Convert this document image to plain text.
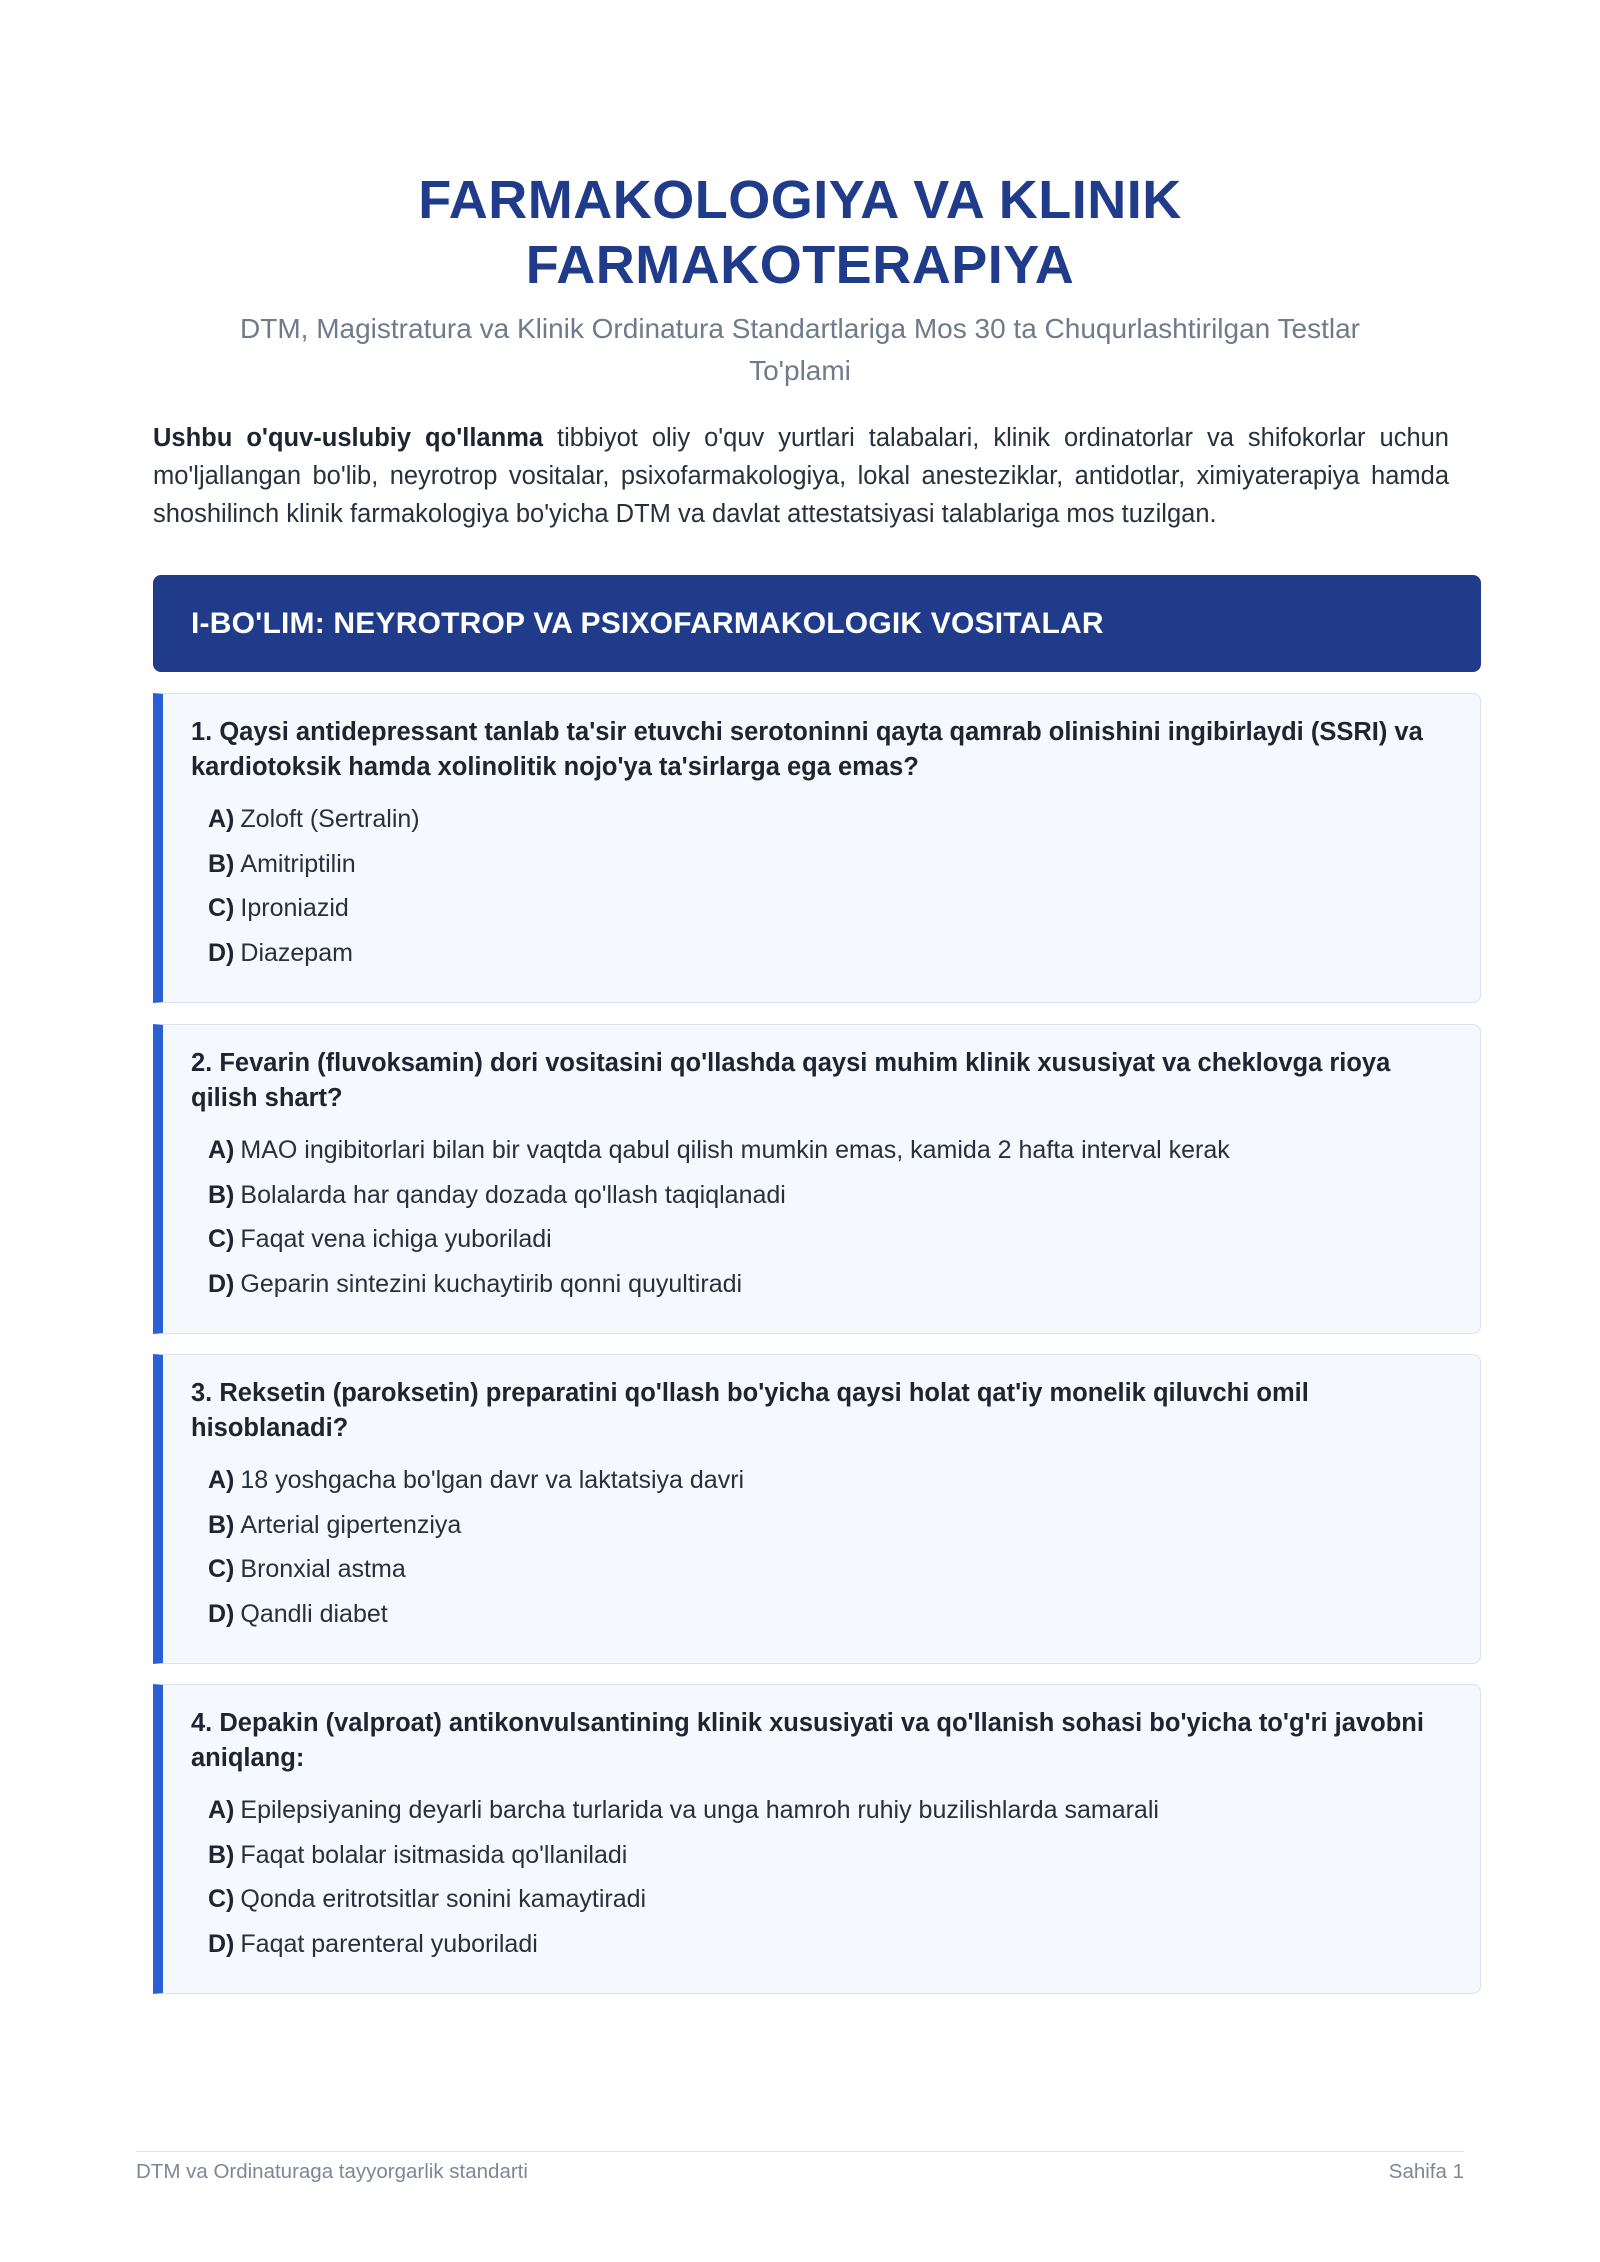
FARMAKOLOGIYA VA KLINIK FARMAKOTERAPIYA
DTM, Magistratura va Klinik Ordinatura Standartlariga Mos 30 ta Chuqurlashtirilgan Testlar To'plami
Ushbu o'quv-uslubiy qo'llanma tibbiyot oliy o'quv yurtlari talabalari, klinik ordinatorlar va shifokorlar uchun mo'ljallangan bo'lib, neyrotrop vositalar, psixofarmakologiya, lokal anesteziklar, antidotlar, ximiyaterapiya hamda shoshilinch klinik farmakologiya bo'yicha DTM va davlat attestatsiyasi talablariga mos tuzilgan.
I-BO'LIM: NEYROTROP VA PSIXOFARMAKOLOGIK VOSITALAR
1. Qaysi antidepressant tanlab ta'sir etuvchi serotoninni qayta qamrab olinishini ingibirlaydi (SSRI) va kardiotoksik hamda xolinolitik nojo'ya ta'sirlarga ega emas?
A) Zoloft (Sertralin)
B) Amitriptilin
C) Iproniazid
D) Diazepam
2. Fevarin (fluvoksamin) dori vositasini qo'llashda qaysi muhim klinik xususiyat va cheklovga rioya qilish shart?
A) MAO ingibitorlari bilan bir vaqtda qabul qilish mumkin emas, kamida 2 hafta interval kerak
B) Bolalarda har qanday dozada qo'llash taqiqlanadi
C) Faqat vena ichiga yuboriladi
D) Geparin sintezini kuchaytirib qonni quyultiradi
3. Reksetin (paroksetin) preparatini qo'llash bo'yicha qaysi holat qat'iy monelik qiluvchi omil hisoblanadi?
A) 18 yoshgacha bo'lgan davr va laktatsiya davri
B) Arterial gipertenziya
C) Bronxial astma
D) Qandli diabet
4. Depakin (valproat) antikonvulsantining klinik xususiyati va qo'llanish sohasi bo'yicha to'g'ri javobni aniqlang:
A) Epilepsiyaning deyarli barcha turlarida va unga hamroh ruhiy buzilishlarda samarali
B) Faqat bolalar isitmasida qo'llaniladi
C) Qonda eritrotsitlar sonini kamaytiradi
D) Faqat parenteral yuboriladi
DTM va Ordinaturaga tayyorgarlik standarti	Sahifa 1
